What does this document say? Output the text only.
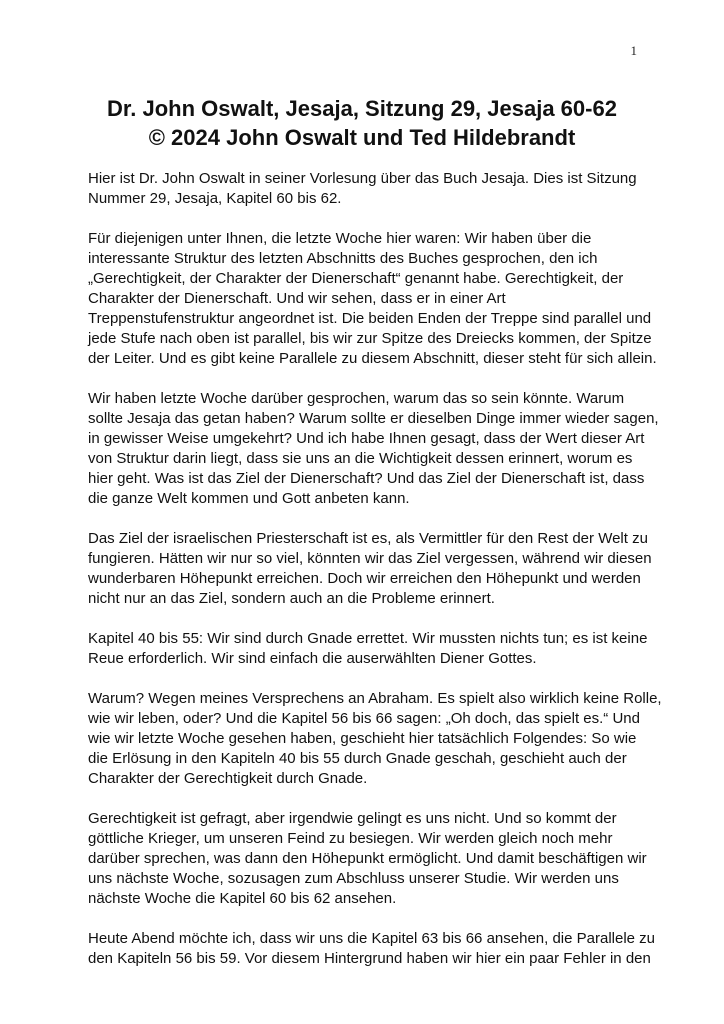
1
Dr. John Oswalt, Jesaja, Sitzung 29, Jesaja 60-62
© 2024 John Oswalt und Ted Hildebrandt

Hier ist Dr. John Oswalt in seiner Vorlesung über das Buch Jesaja. Dies ist Sitzung
Nummer 29, Jesaja, Kapitel 60 bis 62.

Für diejenigen unter Ihnen, die letzte Woche hier waren: Wir haben über die
interessante Struktur des letzten Abschnitts des Buches gesprochen, den ich
„Gerechtigkeit, der Charakter der Dienerschaft“ genannt habe. Gerechtigkeit, der
Charakter der Dienerschaft. Und wir sehen, dass er in einer Art
Treppenstufenstruktur angeordnet ist. Die beiden Enden der Treppe sind parallel und
jede Stufe nach oben ist parallel, bis wir zur Spitze des Dreiecks kommen, der Spitze
der Leiter. Und es gibt keine Parallele zu diesem Abschnitt, dieser steht für sich allein.

Wir haben letzte Woche darüber gesprochen, warum das so sein könnte. Warum
sollte Jesaja das getan haben? Warum sollte er dieselben Dinge immer wieder sagen,
in gewisser Weise umgekehrt? Und ich habe Ihnen gesagt, dass der Wert dieser Art
von Struktur darin liegt, dass sie uns an die Wichtigkeit dessen erinnert, worum es
hier geht. Was ist das Ziel der Dienerschaft? Und das Ziel der Dienerschaft ist, dass
die ganze Welt kommen und Gott anbeten kann.

Das Ziel der israelischen Priesterschaft ist es, als Vermittler für den Rest der Welt zu
fungieren. Hätten wir nur so viel, könnten wir das Ziel vergessen, während wir diesen
wunderbaren Höhepunkt erreichen. Doch wir erreichen den Höhepunkt und werden
nicht nur an das Ziel, sondern auch an die Probleme erinnert.

Kapitel 40 bis 55: Wir sind durch Gnade errettet. Wir mussten nichts tun; es ist keine
Reue erforderlich. Wir sind einfach die auserwählten Diener Gottes.

Warum? Wegen meines Versprechens an Abraham. Es spielt also wirklich keine Rolle,
wie wir leben, oder? Und die Kapitel 56 bis 66 sagen: „Oh doch, das spielt es.“ Und
wie wir letzte Woche gesehen haben, geschieht hier tatsächlich Folgendes: So wie
die Erlösung in den Kapiteln 40 bis 55 durch Gnade geschah, geschieht auch der
Charakter der Gerechtigkeit durch Gnade.

Gerechtigkeit ist gefragt, aber irgendwie gelingt es uns nicht. Und so kommt der
göttliche Krieger, um unseren Feind zu besiegen. Wir werden gleich noch mehr
darüber sprechen, was dann den Höhepunkt ermöglicht. Und damit beschäftigen wir
uns nächste Woche, sozusagen zum Abschluss unserer Studie. Wir werden uns
nächste Woche die Kapitel 60 bis 62 ansehen.

Heute Abend möchte ich, dass wir uns die Kapitel 63 bis 66 ansehen, die Parallele zu
den Kapiteln 56 bis 59. Vor diesem Hintergrund haben wir hier ein paar Fehler in den
